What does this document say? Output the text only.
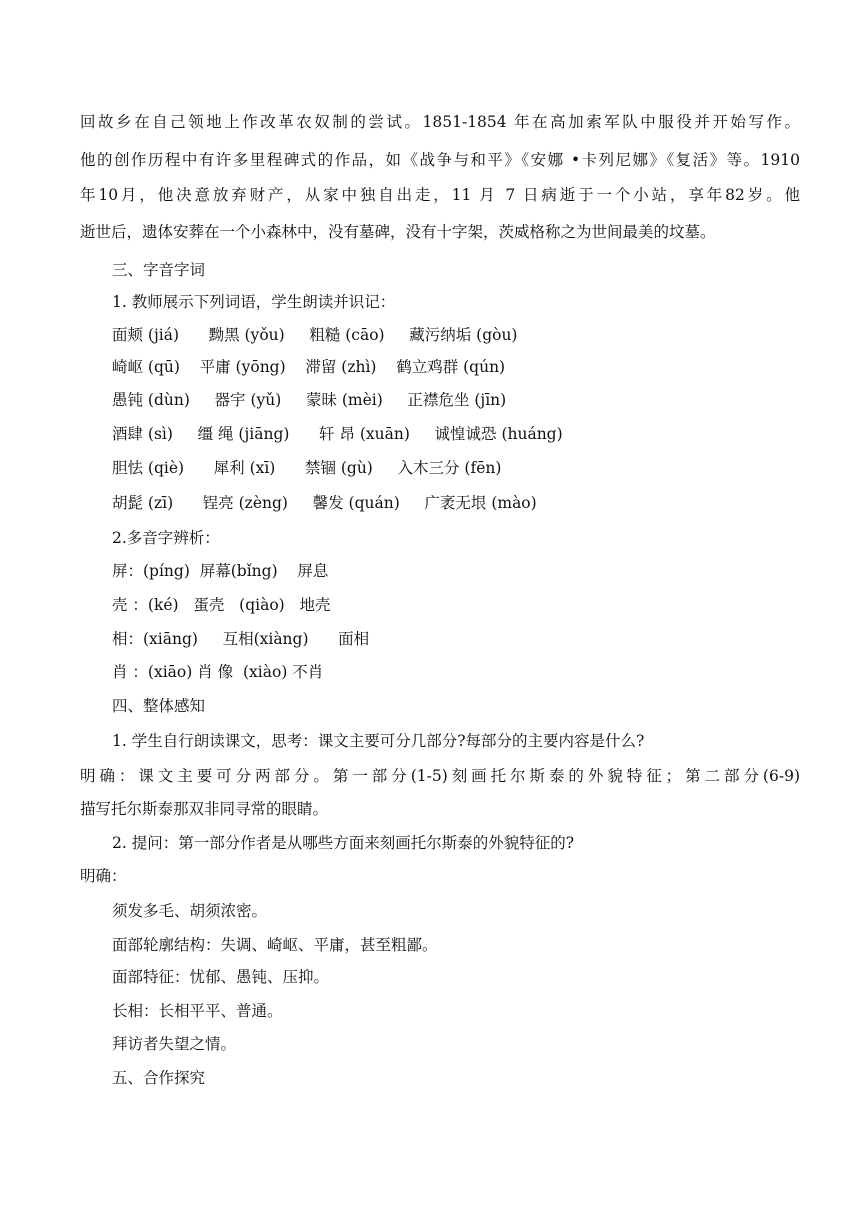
回故乡在自己领地上作改革农奴制的尝试。1851-1854 年在高加索军队中服役并开始写作。
他的创作历程中有许多里程碑式的作品，如《战争与和平》《安娜 •卡列尼娜》《复活》等。1910
年10月，他决意放弃财产，从家中独自出走，11 月 7 日病逝于一个小站，享年82岁。他
逝世后，遗体安葬在一个小森林中，没有墓碑，没有十字架，茨威格称之为世间最美的坟墓。
三、字音字词
1. 教师展示下列词语，学生朗读并识记：
面颊 (jiá)      黝黑 (yǒu)     粗糙 (cāo)     藏污纳垢 (gòu)
崎岖 (qū)    平庸 (yōng)    滞留 (zhì)    鹤立鸡群 (qún)
愚钝 (dùn)     器宇 (yǔ)     蒙昧 (mèi)     正襟危坐 (jīn)
酒肆 (sì)     缰 绳 (jiāng)      轩 昂 (xuān)     诚惶诚恐 (huáng)
胆怯 (qiè)      犀利 (xī)      禁锢 (gù)     入木三分 (fēn)
胡髭 (zī)      锃亮 (zèng)     馨发 (quán)     广袤无垠 (mào)
2.多音字辨析：
屏：(píng)  屏幕(bǐng)    屏息
壳 ：(ké)   蛋壳   (qiào)   地壳
相：(xiāng)     互相(xiàng)      面相
肖 ：(xiāo) 肖 像  (xiào) 不肖
四、整体感知
1. 学生自行朗读课文，思考：课文主要可分几部分?每部分的主要内容是什么?
明确：课文主要可分两部分。第一部分(1-5)刻画托尔斯泰的外貌特征；第二部分(6-9)
描写托尔斯泰那双非同寻常的眼睛。
2. 提问：第一部分作者是从哪些方面来刻画托尔斯泰的外貌特征的?
明确：
须发多毛、胡须浓密。
面部轮廓结构：失调、崎岖、平庸，甚至粗鄙。
面部特征：忧郁、愚钝、压抑。
长相：长相平平、普通。
拜访者失望之情。
五、合作探究
